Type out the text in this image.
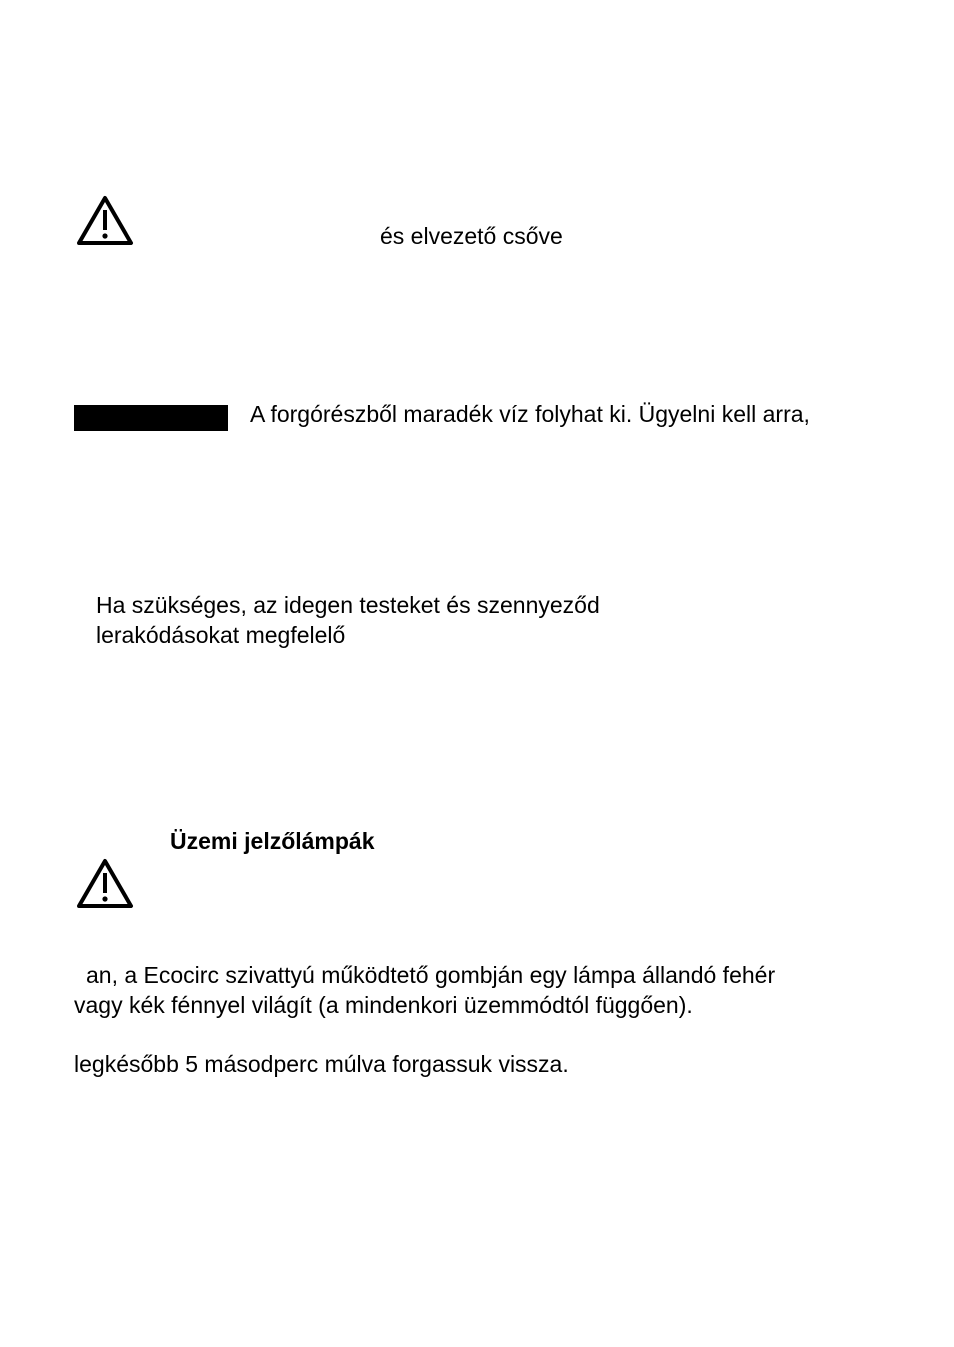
és elvezető csőve
A forgórészből maradék víz folyhat ki. Ügyelni kell arra,
Ha szükséges, az idegen testeket és szennyeződ
lerakódásokat megfelelő
Üzemi jelzőlámpák
an, a Ecocirc szivattyú működtető gombján egy lámpa állandó fehér
vagy kék fénnyel világít (a mindenkori üzemmódtól függően).
legkésőbb 5 másodperc múlva forgassuk vissza.
